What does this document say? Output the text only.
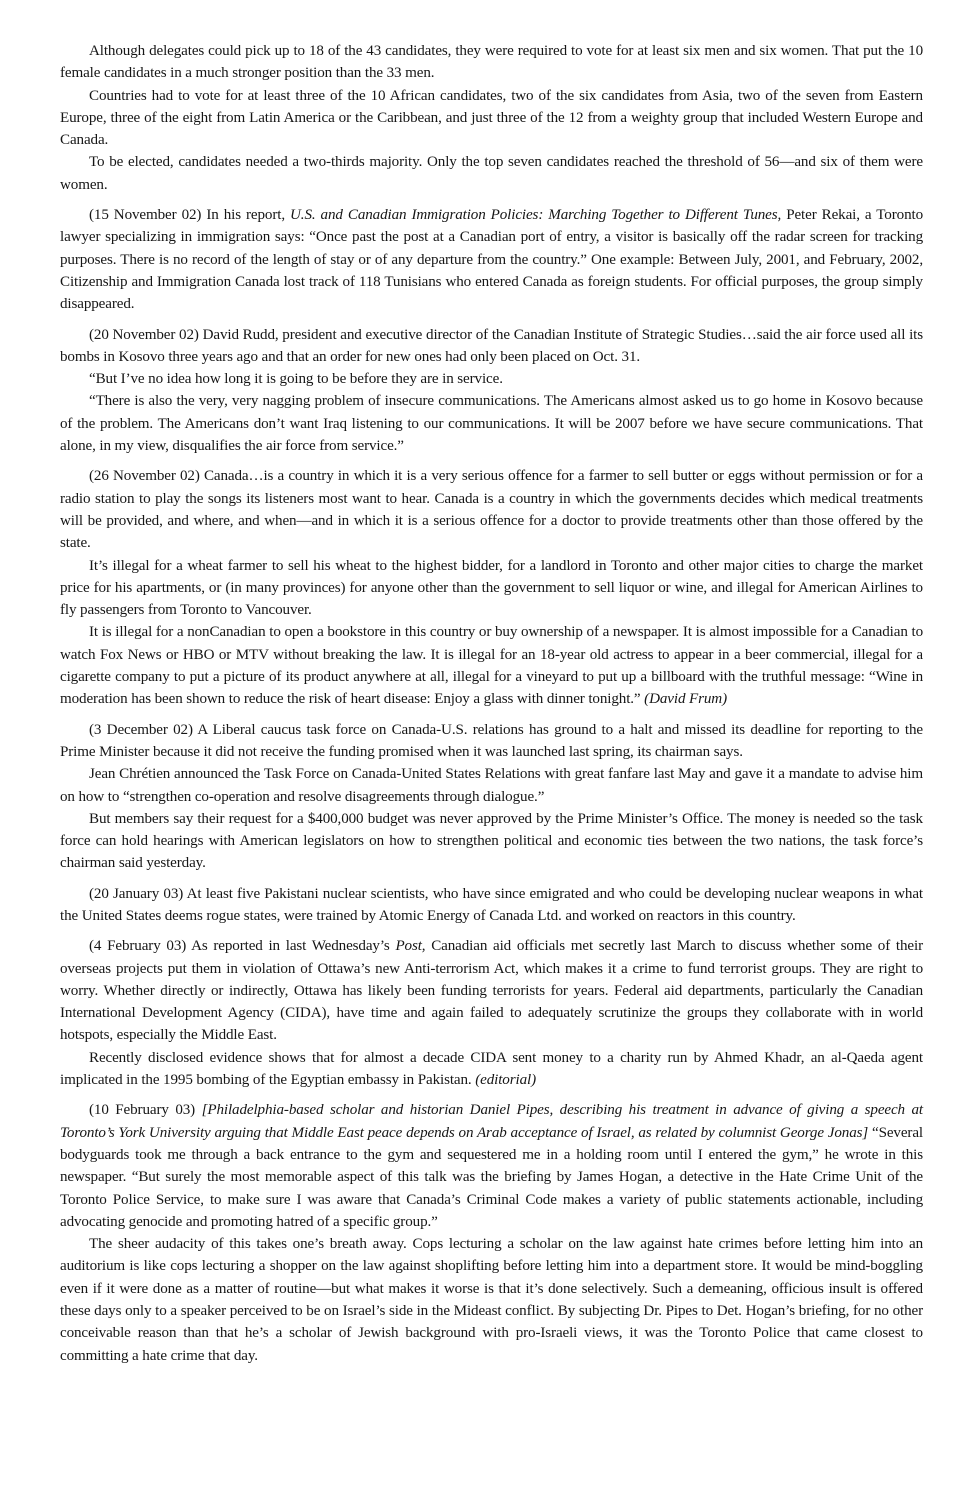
Although delegates could pick up to 18 of the 43 candidates, they were required to vote for at least six men and six women. That put the 10 female candidates in a much stronger position than the 33 men.

Countries had to vote for at least three of the 10 African candidates, two of the six candidates from Asia, two of the seven from Eastern Europe, three of the eight from Latin America or the Caribbean, and just three of the 12 from a weighty group that included Western Europe and Canada.

To be elected, candidates needed a two-thirds majority. Only the top seven candidates reached the threshold of 56—and six of them were women.

(15 November 02) In his report, U.S. and Canadian Immigration Policies: Marching Together to Different Tunes, Peter Rekai, a Toronto lawyer specializing in immigration says: “Once past the post at a Canadian port of entry, a visitor is basically off the radar screen for tracking purposes. There is no record of the length of stay or of any departure from the country.” One example: Between July, 2001, and February, 2002, Citizenship and Immigration Canada lost track of 118 Tunisians who entered Canada as foreign students. For official purposes, the group simply disappeared.

(20 November 02) David Rudd, president and executive director of the Canadian Institute of Strategic Studies…said the air force used all its bombs in Kosovo three years ago and that an order for new ones had only been placed on Oct. 31.

“But I’ve no idea how long it is going to be before they are in service.

“There is also the very, very nagging problem of insecure communications. The Americans almost asked us to go home in Kosovo because of the problem. The Americans don’t want Iraq listening to our communications. It will be 2007 before we have secure communications. That alone, in my view, disqualifies the air force from service.”

(26 November 02) Canada…is a country in which it is a very serious offence for a farmer to sell butter or eggs without permission or for a radio station to play the songs its listeners most want to hear. Canada is a country in which the governments decides which medical treatments will be provided, and where, and when—and in which it is a serious offence for a doctor to provide treatments other than those offered by the state.

It’s illegal for a wheat farmer to sell his wheat to the highest bidder, for a landlord in Toronto and other major cities to charge the market price for his apartments, or (in many provinces) for anyone other than the government to sell liquor or wine, and illegal for American Airlines to fly passengers from Toronto to Vancouver.

It is illegal for a nonCanadian to open a bookstore in this country or buy ownership of a newspaper. It is almost impossible for a Canadian to watch Fox News or HBO or MTV without breaking the law. It is illegal for an 18-year old actress to appear in a beer commercial, illegal for a cigarette company to put a picture of its product anywhere at all, illegal for a vineyard to put up a billboard with the truthful message: “Wine in moderation has been shown to reduce the risk of heart disease: Enjoy a glass with dinner tonight.” (David Frum)

(3 December 02) A Liberal caucus task force on Canada-U.S. relations has ground to a halt and missed its deadline for reporting to the Prime Minister because it did not receive the funding promised when it was launched last spring, its chairman says.

Jean Chrétien announced the Task Force on Canada-United States Relations with great fanfare last May and gave it a mandate to advise him on how to “strengthen co-operation and resolve disagreements through dialogue.”

But members say their request for a $400,000 budget was never approved by the Prime Minister’s Office. The money is needed so the task force can hold hearings with American legislators on how to strengthen political and economic ties between the two nations, the task force’s chairman said yesterday.

(20 January 03) At least five Pakistani nuclear scientists, who have since emigrated and who could be developing nuclear weapons in what the United States deems rogue states, were trained by Atomic Energy of Canada Ltd. and worked on reactors in this country.

(4 February 03) As reported in last Wednesday’s Post, Canadian aid officials met secretly last March to discuss whether some of their overseas projects put them in violation of Ottawa’s new Anti-terrorism Act, which makes it a crime to fund terrorist groups. They are right to worry. Whether directly or indirectly, Ottawa has likely been funding terrorists for years. Federal aid departments, particularly the Canadian International Development Agency (CIDA), have time and again failed to adequately scrutinize the groups they collaborate with in world hotspots, especially the Middle East.

Recently disclosed evidence shows that for almost a decade CIDA sent money to a charity run by Ahmed Khadr, an al-Qaeda agent implicated in the 1995 bombing of the Egyptian embassy in Pakistan. (editorial)

(10 February 03) [Philadelphia-based scholar and historian Daniel Pipes, describing his treatment in advance of giving a speech at Toronto’s York University arguing that Middle East peace depends on Arab acceptance of Israel, as related by columnist George Jonas] “Several bodyguards took me through a back entrance to the gym and sequestered me in a holding room until I entered the gym,” he wrote in this newspaper. “But surely the most memorable aspect of this talk was the briefing by James Hogan, a detective in the Hate Crime Unit of the Toronto Police Service, to make sure I was aware that Canada’s Criminal Code makes a variety of public statements actionable, including advocating genocide and promoting hatred of a specific group.”

The sheer audacity of this takes one’s breath away. Cops lecturing a scholar on the law against hate crimes before letting him into an auditorium is like cops lecturing a shopper on the law against shoplifting before letting him into a department store. It would be mind-boggling even if it were done as a matter of routine—but what makes it worse is that it’s done selectively. Such a demeaning, officious insult is offered these days only to a speaker perceived to be on Israel’s side in the Mideast conflict. By subjecting Dr. Pipes to Det. Hogan’s briefing, for no other conceivable reason than that he’s a scholar of Jewish background with pro-Israeli views, it was the Toronto Police that came closest to committing a hate crime that day.
